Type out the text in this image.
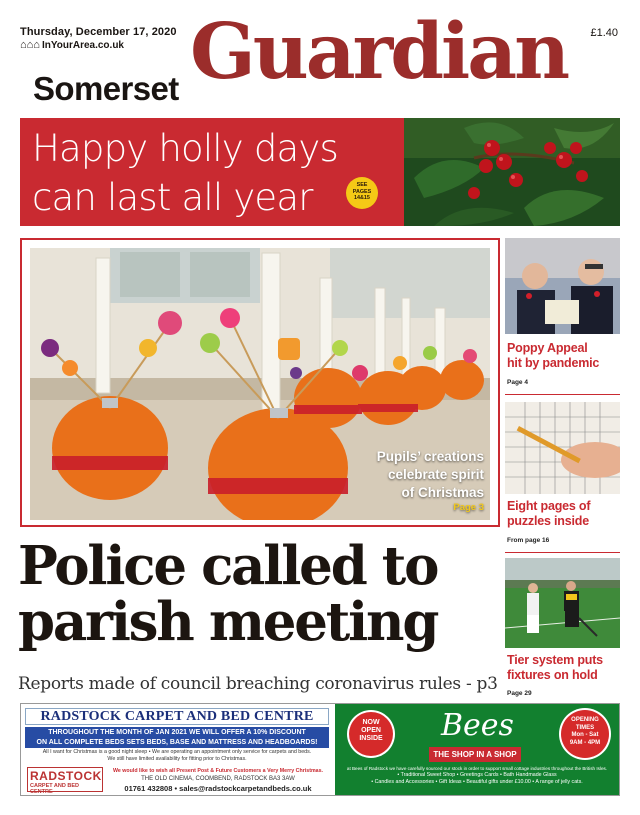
Thursday, December 17, 2020
⌂⌂⌂ InYourArea.co.uk
£1.40
Somerset Guardian
Happy holly days
can last all year	SEE
PAGES
14&15
Pupils’ creations
celebrate spirit
of Christmas
Page 3
Police called to
parish meeting
Reports made of council breaching coronavirus rules - p3
Poppy Appeal
hit by pandemic
Page 4
Eight pages of
puzzles inside
From page 16
Tier system puts
fixtures on hold
Page 29
RADSTOCK CARPET AND BED CENTRE
THROUGHOUT THE MONTH OF JAN 2021 WE WILL OFFER A 10% DISCOUNT
ON ALL COMPLETE BEDS SETS BEDS, BASE AND MATTRESS AND HEADBOARDS!
All I want for Christmas is a good night sleep • We are operating an appointment only service for carpets and beds.
We still have limited availability for fitting prior to Christmas.
RADSTOCK
CARPET AND BED CENTRE
We would like to wish all Present Post & Future Customers a Very Merry Christmas.
THE OLD CINEMA, COOMBEND, RADSTOCK BA3 3AW
01761 432808 • sales@radstockcarpetandbeds.co.uk
NOW
OPEN
INSIDE	Bees
THE SHOP IN A SHOP
OPENING
TIMES
Mon - Sat
9AM - 4PM
at Bees of Radstock we have carefully sourced our stock in order to support small cottage industries throughout the British Isles.
• Traditional Sweet Shop • Greetings Cards • Bath Handmade Glass
• Candles and Accessories • Gift Ideas • Beautiful gifts under £10.00 • A range of jelly cats.
